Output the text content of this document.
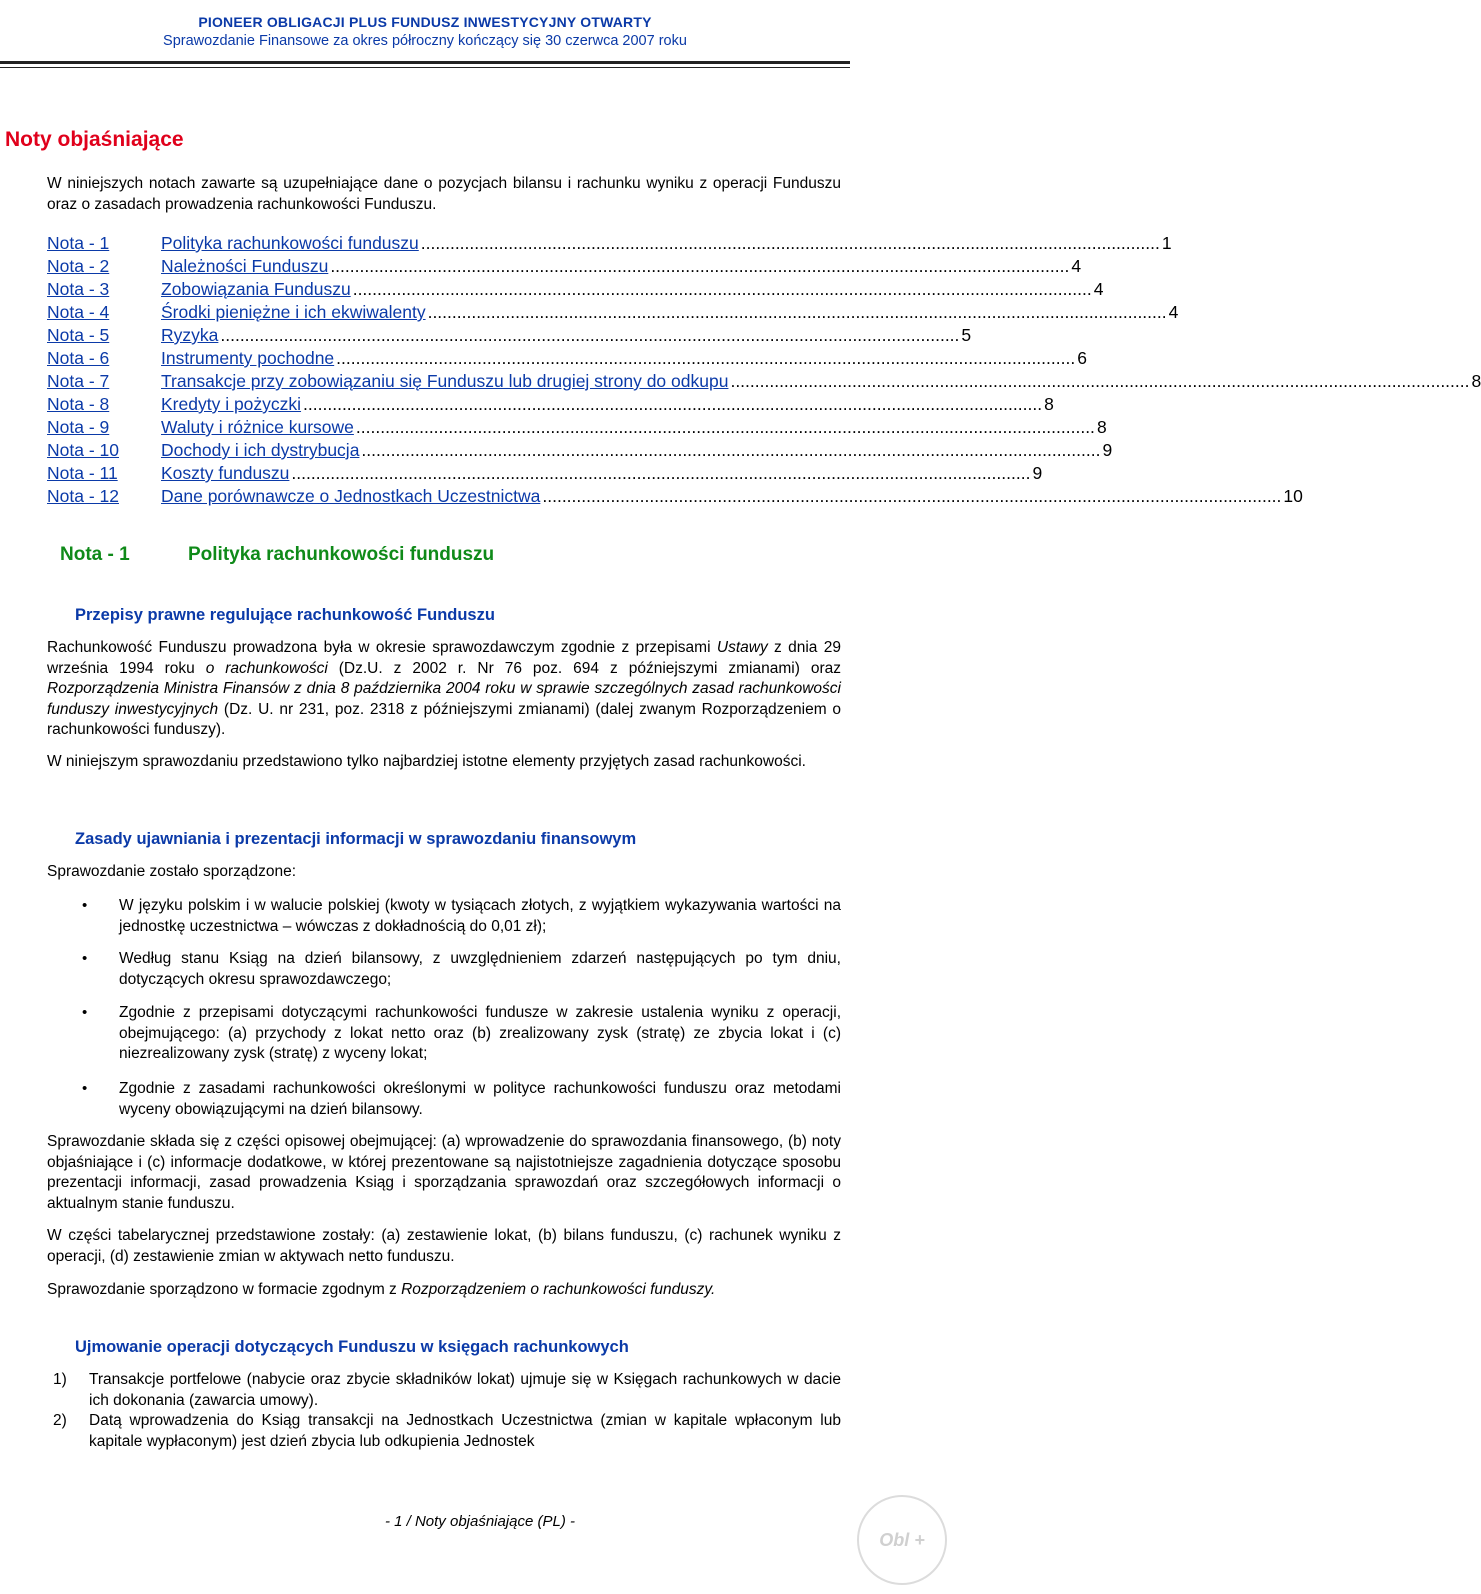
PIONEER OBLIGACJI PLUS FUNDUSZ INWESTYCYJNY OTWARTY
Sprawozdanie Finansowe za okres półroczny kończący się 30 czerwca 2007 roku
Noty objaśniające
W niniejszych notach zawarte są uzupełniające dane o pozycjach bilansu i rachunku wyniku z operacji Funduszu oraz o zasadach prowadzenia rachunkowości Funduszu.
Nota - 1	Polityka rachunkowości funduszu ........................................................................................................................................................ 1
Nota - 2	Należności Funduszu ........................................................................................................................................................ 4
Nota - 3	Zobowiązania Funduszu ........................................................................................................................................................ 4
Nota - 4	Środki pieniężne i ich ekwiwalenty ........................................................................................................................................................ 4
Nota - 5	Ryzyka ........................................................................................................................................................ 5
Nota - 6	Instrumenty pochodne ........................................................................................................................................................ 6
Nota - 7	Transakcje przy zobowiązaniu się Funduszu lub drugiej strony do odkupu ........................................................................................................................................................ 8
Nota - 8	Kredyty i pożyczki ........................................................................................................................................................ 8
Nota - 9	Waluty i różnice kursowe ........................................................................................................................................................ 8
Nota - 10	Dochody i ich dystrybucja ........................................................................................................................................................ 9
Nota - 11	Koszty funduszu ........................................................................................................................................................ 9
Nota - 12	Dane porównawcze o Jednostkach Uczestnictwa ........................................................................................................................................................ 10
Nota - 1	Polityka rachunkowości funduszu
Przepisy prawne regulujące rachunkowość Funduszu
Rachunkowość Funduszu prowadzona była w okresie sprawozdawczym zgodnie z przepisami Ustawy z dnia 29 września 1994 roku o rachunkowości (Dz.U. z 2002 r. Nr 76 poz. 694 z późniejszymi zmianami) oraz Rozporządzenia Ministra Finansów z dnia 8 października 2004 roku w sprawie szczególnych zasad rachunkowości funduszy inwestycyjnych (Dz. U. nr 231, poz. 2318 z późniejszymi zmianami) (dalej zwanym Rozporządzeniem o rachunkowości funduszy).
W niniejszym sprawozdaniu przedstawiono tylko najbardziej istotne elementy przyjętych zasad rachunkowości.
Zasady ujawniania i prezentacji informacji w sprawozdaniu finansowym
Sprawozdanie zostało sporządzone:
• W języku polskim i w walucie polskiej (kwoty w tysiącach złotych, z wyjątkiem wykazywania wartości na jednostkę uczestnictwa – wówczas z dokładnością do 0,01 zł);
• Według stanu Ksiąg na dzień bilansowy, z uwzględnieniem zdarzeń następujących po tym dniu, dotyczących okresu sprawozdawczego;
• Zgodnie z przepisami dotyczącymi rachunkowości fundusze w zakresie ustalenia wyniku z operacji, obejmującego: (a) przychody z lokat netto oraz (b) zrealizowany zysk (stratę) ze zbycia lokat i (c) niezrealizowany zysk (stratę) z wyceny lokat;
• Zgodnie z zasadami rachunkowości określonymi w polityce rachunkowości funduszu oraz metodami wyceny obowiązującymi na dzień bilansowy.
Sprawozdanie składa się z części opisowej obejmującej: (a) wprowadzenie do sprawozdania finansowego, (b) noty objaśniające i (c) informacje dodatkowe, w której prezentowane są najistotniejsze zagadnienia dotyczące sposobu prezentacji informacji, zasad prowadzenia Ksiąg i sporządzania sprawozdań oraz szczegółowych informacji o aktualnym stanie funduszu.
W części tabelarycznej przedstawione zostały: (a) zestawienie lokat, (b) bilans funduszu, (c) rachunek wyniku z operacji, (d) zestawienie zmian w aktywach netto funduszu.
Sprawozdanie sporządzono w formacie zgodnym z Rozporządzeniem o rachunkowości funduszy.
Ujmowanie operacji dotyczących Funduszu w księgach rachunkowych
1) Transakcje portfelowe (nabycie oraz zbycie składników lokat) ujmuje się w Księgach rachunkowych w dacie ich dokonania (zawarcia umowy).
2) Datą wprowadzenia do Ksiąg transakcji na Jednostkach Uczestnictwa (zmian w kapitale wpłaconym lub kapitale wypłaconym) jest dzień zbycia lub odkupienia Jednostek
- 1 / Noty objaśniające (PL) -
Obl +
